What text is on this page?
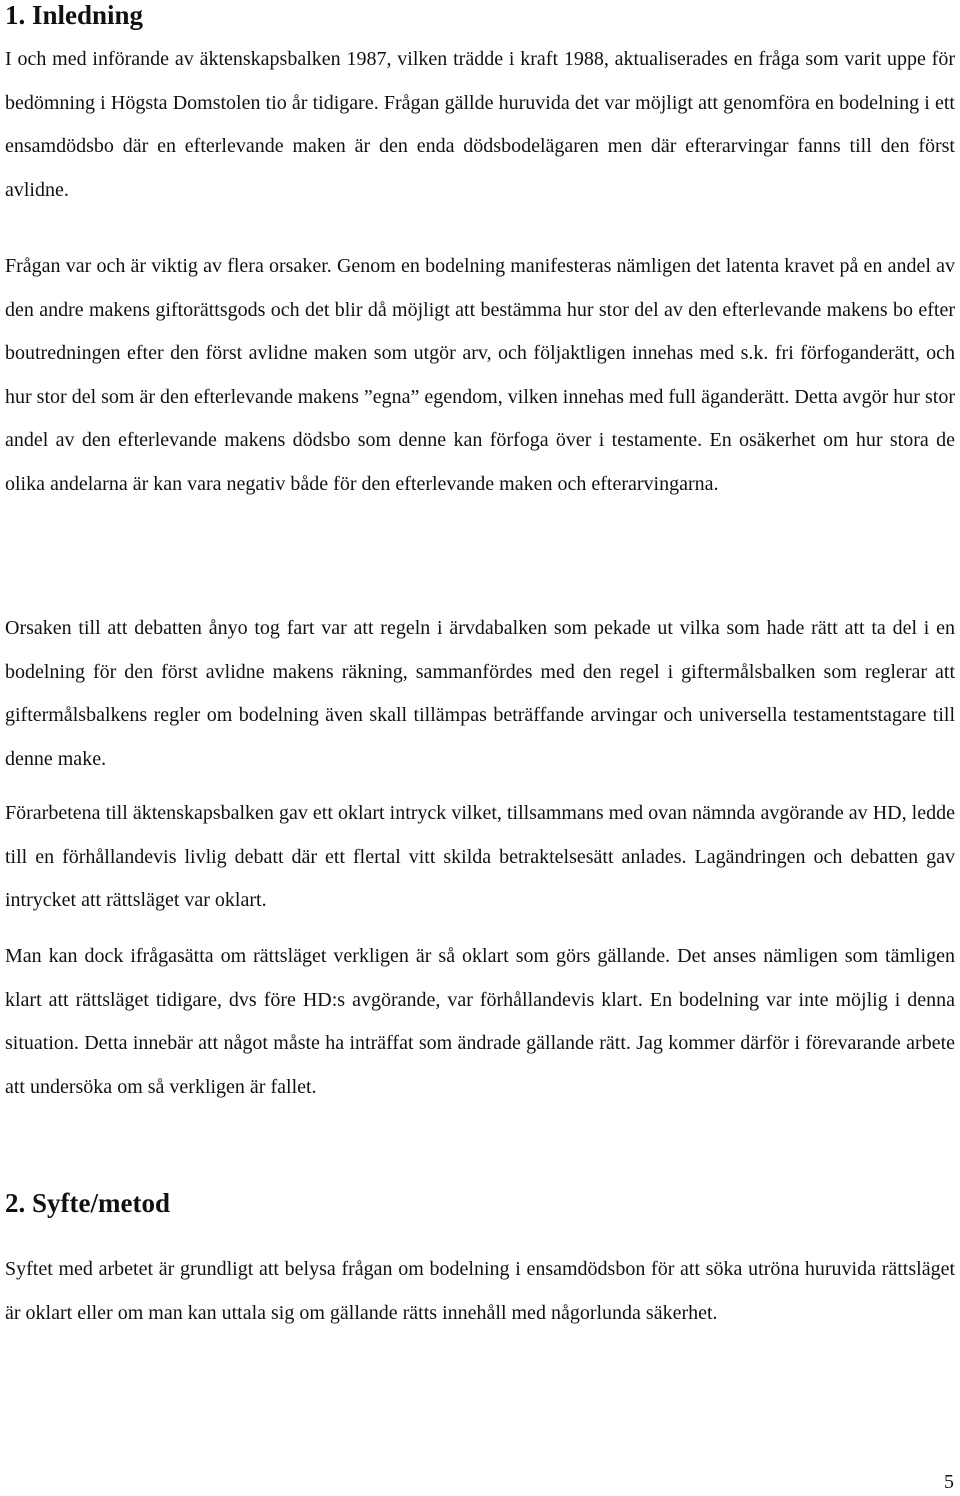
1. Inledning

I och med införande av äktenskapsbalken 1987, vilken trädde i kraft 1988, aktualiserades en fråga som varit uppe för bedömning i Högsta Domstolen tio år tidigare. Frågan gällde huruvida det var möjligt att genomföra en bodelning i ett ensamdödsbo där en efterlevande maken är den enda dödsbodelägaren men där efterarvingar fanns till den först avlidne.

Frågan var och är viktig av flera orsaker. Genom en bodelning manifesteras nämligen det latenta kravet på en andel av den andre makens giftorättsgods och det blir då möjligt att bestämma hur stor del av den efterlevande makens bo efter boutredningen efter den först avlidne maken som utgör arv, och följaktligen innehas med s.k. fri förfoganderätt, och hur stor del som är den efterlevande makens ”egna” egendom, vilken innehas med full äganderätt. Detta avgör hur stor andel av den efterlevande makens dödsbo som denne kan förfoga över i testamente. En osäkerhet om hur stora de olika andelarna är kan vara negativ både för den efterlevande maken och efterarvingarna.

Orsaken till att debatten ånyo tog fart var att regeln i ärvdabalken som pekade ut vilka som hade rätt att ta del i en bodelning för den först avlidne makens räkning, sammanfördes med den regel i giftermålsbalken som reglerar att giftermålsbalkens regler om bodelning även skall tillämpas beträffande arvingar och universella testamentstagare till denne make.

Förarbetena till äktenskapsbalken gav ett oklart intryck vilket, tillsammans med ovan nämnda avgörande av HD, ledde till en förhållandevis livlig debatt där ett flertal vitt skilda betraktelsesätt anlades. Lagändringen och debatten gav intrycket att rättsläget var oklart.

Man kan dock ifrågasätta om rättsläget verkligen är så oklart som görs gällande. Det anses nämligen som tämligen klart att rättsläget tidigare, dvs före HD:s avgörande, var förhållandevis klart. En bodelning var inte möjlig i denna situation. Detta innebär att något måste ha inträffat som ändrade gällande rätt. Jag kommer därför i förevarande arbete att undersöka om så verkligen är fallet.

2. Syfte/metod

Syftet med arbetet är grundligt att belysa frågan om bodelning i ensamdödsbon för att söka utröna huruvida rättsläget är oklart eller om man kan uttala sig om gällande rätts innehåll med någorlunda säkerhet.

5
